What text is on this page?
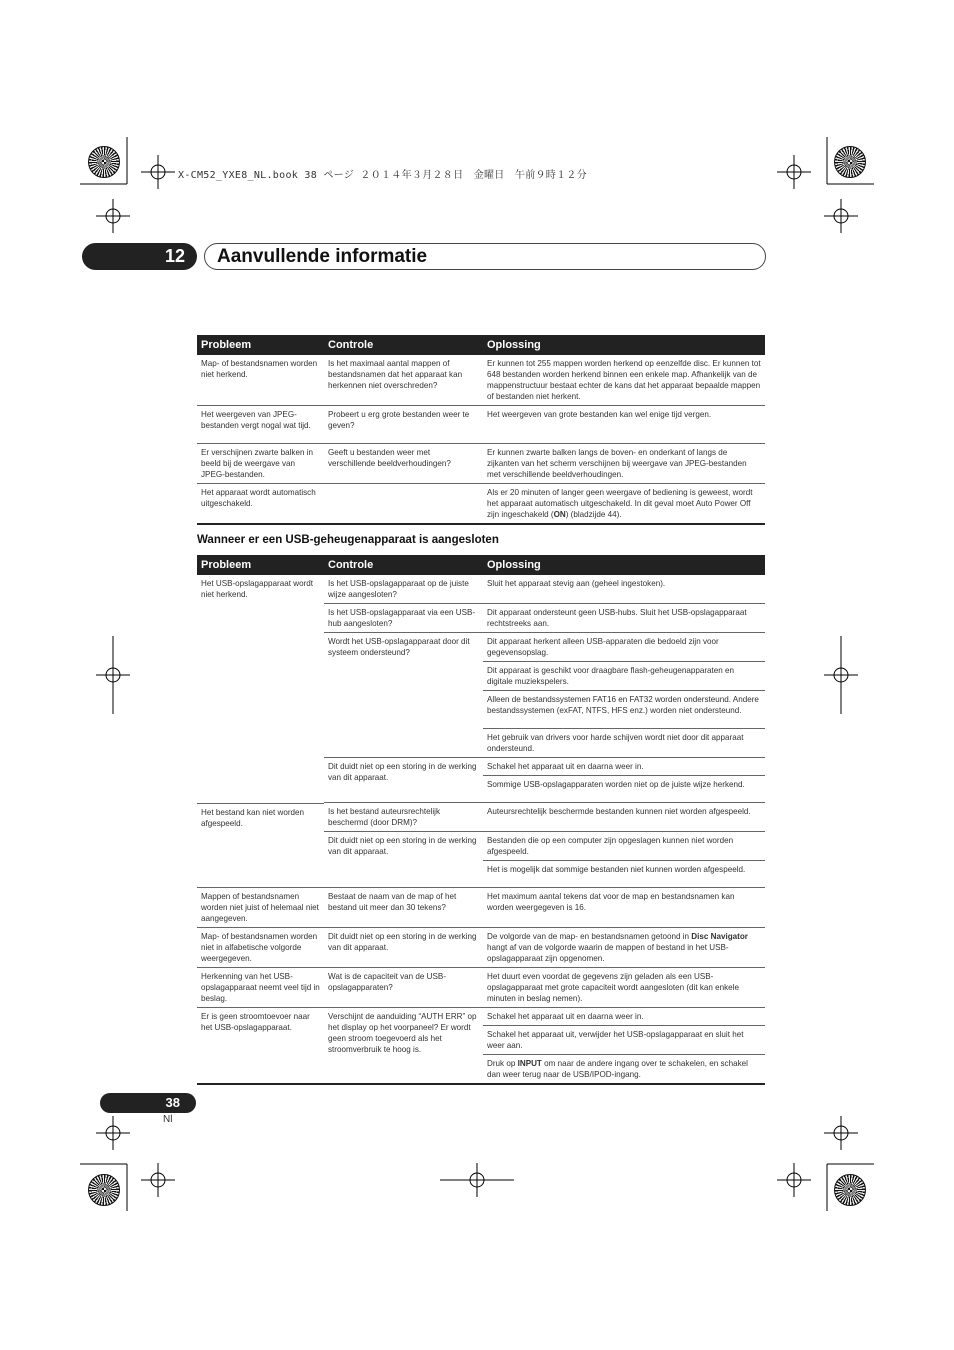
X-CM52_YXE8_NL.book 38 ページ ２０１４年３月２８日　金曜日　午前９時１２分
12	Aanvullende informatie
Probleem	Controle	Oplossing
Map- of bestandsnamen worden niet herkend.	Is het maximaal aantal mappen of bestandsnamen dat het apparaat kan herkennen niet overschreden?	Er kunnen tot 255 mappen worden herkend op eenzelfde disc. Er kunnen tot 648 bestanden worden herkend binnen een enkele map. Afhankelijk van de mappenstructuur bestaat echter de kans dat het apparaat bepaalde mappen of bestanden niet herkent.
Het weergeven van JPEG-bestanden vergt nogal wat tijd.	Probeert u erg grote bestanden weer te geven?	Het weergeven van grote bestanden kan wel enige tijd vergen.
Er verschijnen zwarte balken in beeld bij de weergave van JPEG-bestanden.	Geeft u bestanden weer met verschillende beeldverhoudingen?	Er kunnen zwarte balken langs de boven- en onderkant of langs de zijkanten van het scherm verschijnen bij weergave van JPEG-bestanden met verschillende beeldverhoudingen.
Het apparaat wordt automatisch uitgeschakeld.		Als er 20 minuten of langer geen weergave of bediening is geweest, wordt het apparaat automatisch uitgeschakeld. In dit geval moet Auto Power Off zijn ingeschakeld (ON) (bladzijde 44).
Wanneer er een USB-geheugenapparaat is aangesloten
Probleem	Controle	Oplossing
Het USB-opslagapparaat wordt niet herkend.	Is het USB-opslagapparaat op de juiste wijze aangesloten?	Sluit het apparaat stevig aan (geheel ingestoken).
	Is het USB-opslagapparaat via een USB-hub aangesloten?	Dit apparaat ondersteunt geen USB-hubs. Sluit het USB-opslagapparaat rechtstreeks aan.
	Wordt het USB-opslagapparaat door dit systeem ondersteund?	Dit apparaat herkent alleen USB-apparaten die bedoeld zijn voor gegevensopslag.
		Dit apparaat is geschikt voor draagbare flash-geheugenapparaten en digitale muziekspelers.
		Alleen de bestandssystemen FAT16 en FAT32 worden ondersteund. Andere bestandssystemen (exFAT, NTFS, HFS enz.) worden niet ondersteund.
		Het gebruik van drivers voor harde schijven wordt niet door dit apparaat ondersteund.
	Dit duidt niet op een storing in de werking van dit apparaat.	Schakel het apparaat uit en daarna weer in.
		Sommige USB-opslagapparaten worden niet op de juiste wijze herkend.

Het bestand kan niet worden afgespeeld.	Is het bestand auteursrechtelijk beschermd (door DRM)?	Auteursrechtelijk beschermde bestanden kunnen niet worden afgespeeld.
	Dit duidt niet op een storing in de werking van dit apparaat.	Bestanden die op een computer zijn opgeslagen kunnen niet worden afgespeeld.
		Het is mogelijk dat sommige bestanden niet kunnen worden afgespeeld.
Mappen of bestandsnamen worden niet juist of helemaal niet aangegeven.	Bestaat de naam van de map of het bestand uit meer dan 30 tekens?	Het maximum aantal tekens dat voor de map en bestandsnamen kan worden weergegeven is 16.
Map- of bestandsnamen worden niet in alfabetische volgorde weergegeven.	Dit duidt niet op een storing in de werking van dit apparaat.	De volgorde van de map- en bestandsnamen getoond in Disc Navigator hangt af van de volgorde waarin de mappen of bestand in het USB-opslagapparaat zijn opgenomen.
Herkenning van het USB-opslagapparaat neemt veel tijd in beslag.	Wat is de capaciteit van de USB-opslagapparaten?	Het duurt even voordat de gegevens zijn geladen als een USB-opslagapparaat met grote capaciteit wordt aangesloten (dit kan enkele minuten in beslag nemen).
Er is geen stroomtoevoer naar het USB-opslagapparaat.	Verschijnt de aanduiding “AUTH ERR” op het display op het voorpaneel? Er wordt geen stroom toegevoerd als het stroomverbruik te hoog is.	Schakel het apparaat uit en daarna weer in.
		Schakel het apparaat uit, verwijder het USB-opslagapparaat en sluit het weer aan.
		Druk op INPUT om naar de andere ingang over te schakelen, en schakel dan weer terug naar de USB/IPOD-ingang.
38
Nl
